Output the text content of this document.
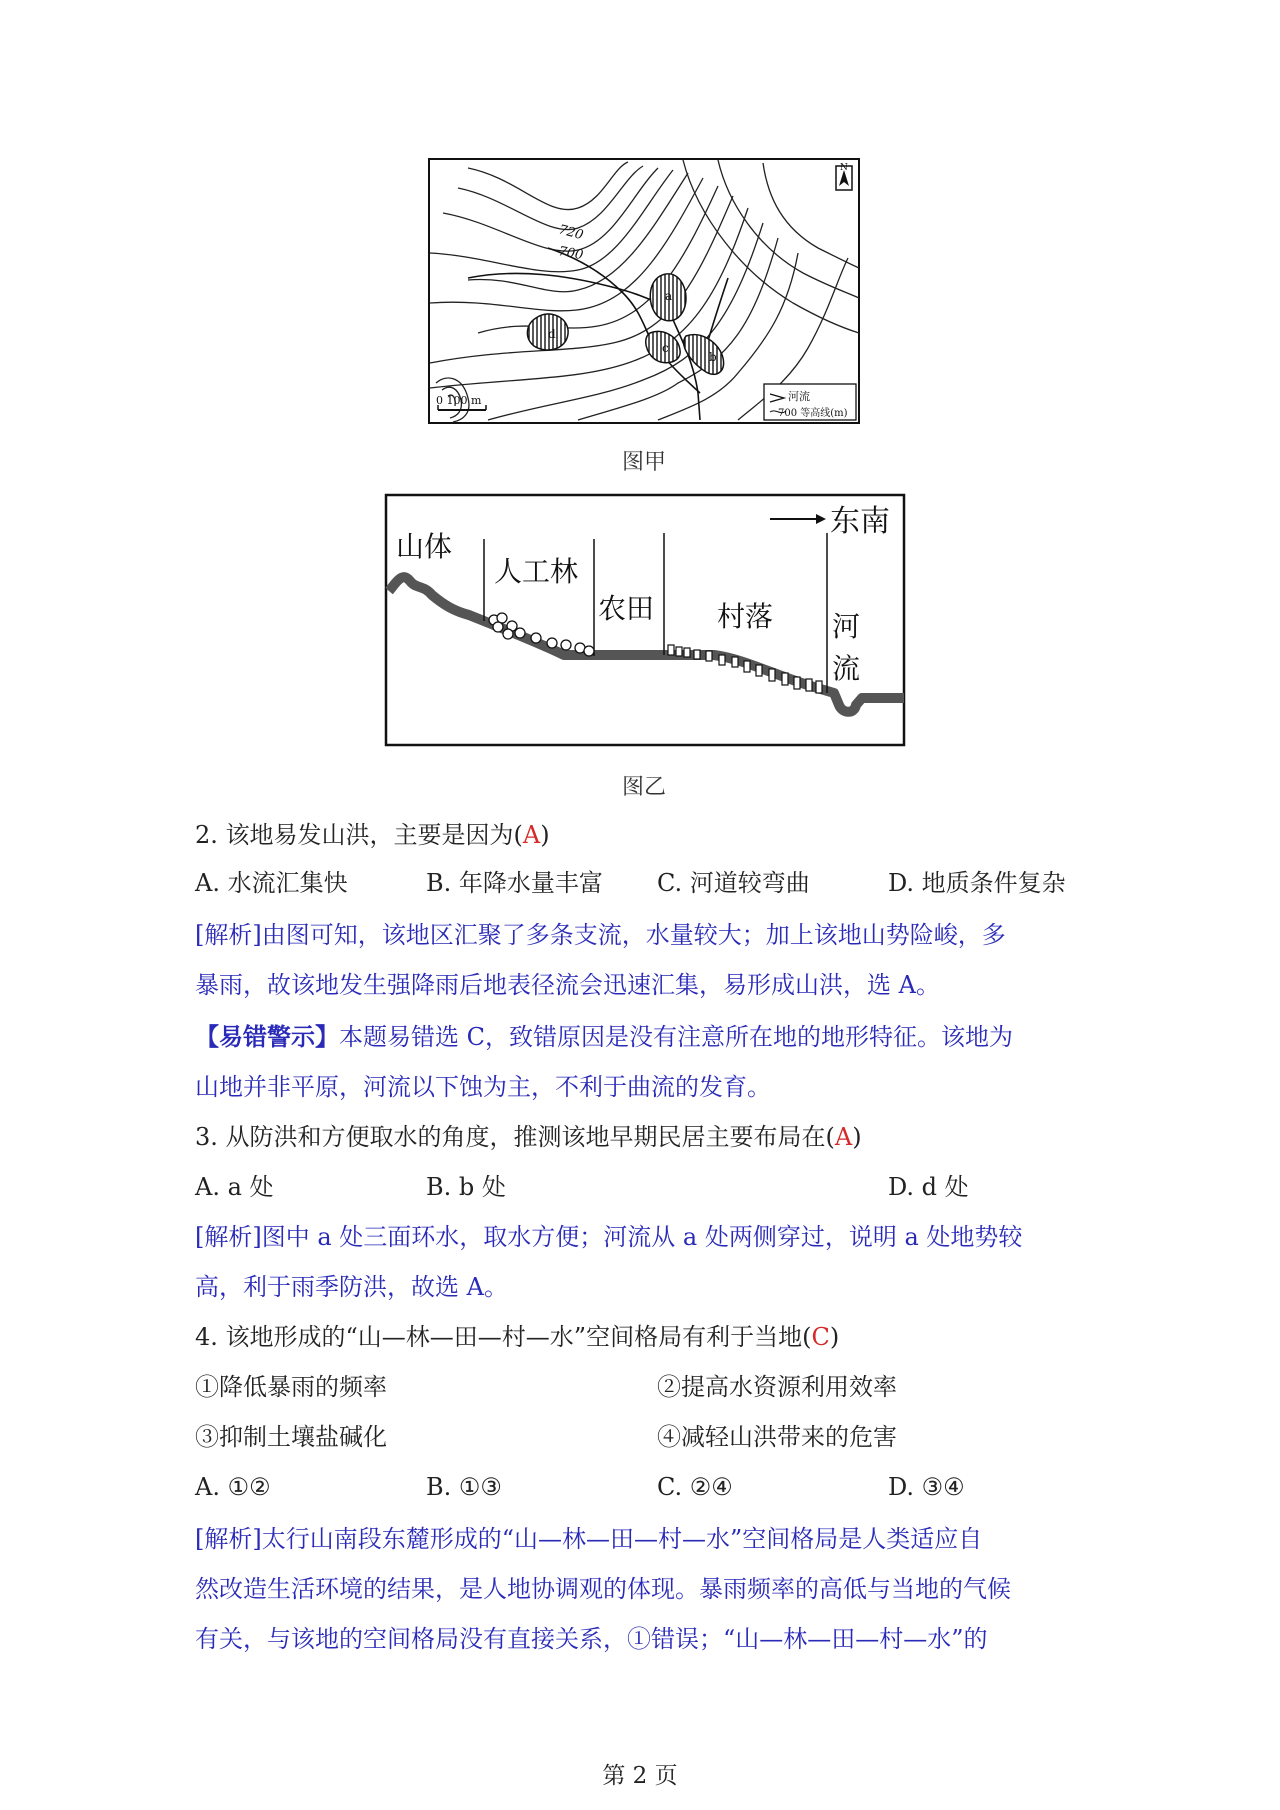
720
700
a
b
c
d
N
0 100 m	河流
700 等高线(m)
图甲
山体
人工林
农田 村落 河
流
东南
图乙
2. 该地易发山洪，主要是因为(A)
A. 水流汇集快	B. 年降水量丰富 C. 河道较弯曲	D. 地质条件复杂
[解析]由图可知，该地区汇聚了多条支流，水量较大；加上该地山势险峻，多
暴雨，故该地发生强降雨后地表径流会迅速汇集，易形成山洪，选 A。
【易错警示】本题易错选 C，致错原因是没有注意所在地的地形特征。该地为
山地并非平原，河流以下蚀为主，不利于曲流的发育。
3. 从防洪和方便取水的角度，推测该地早期民居主要布局在(A)
A. a 处	B. b 处	D. d 处
[解析]图中 a 处三面环水，取水方便；河流从 a 处两侧穿过，说明 a 处地势较
高，利于雨季防洪，故选 A。
4. 该地形成的“山—林—田—村—水”空间格局有利于当地(C)
①降低暴雨的频率	②提高水资源利用效率
③抑制土壤盐碱化	④减轻山洪带来的危害
A. ①②	B. ①③	C. ②④	D. ③④
[解析]太行山南段东麓形成的“山—林—田—村—水”空间格局是人类适应自
然改造生活环境的结果，是人地协调观的体现。暴雨频率的高低与当地的气候
有关，与该地的空间格局没有直接关系，①错误；“山—林—田—村—水”的
第 2 页
